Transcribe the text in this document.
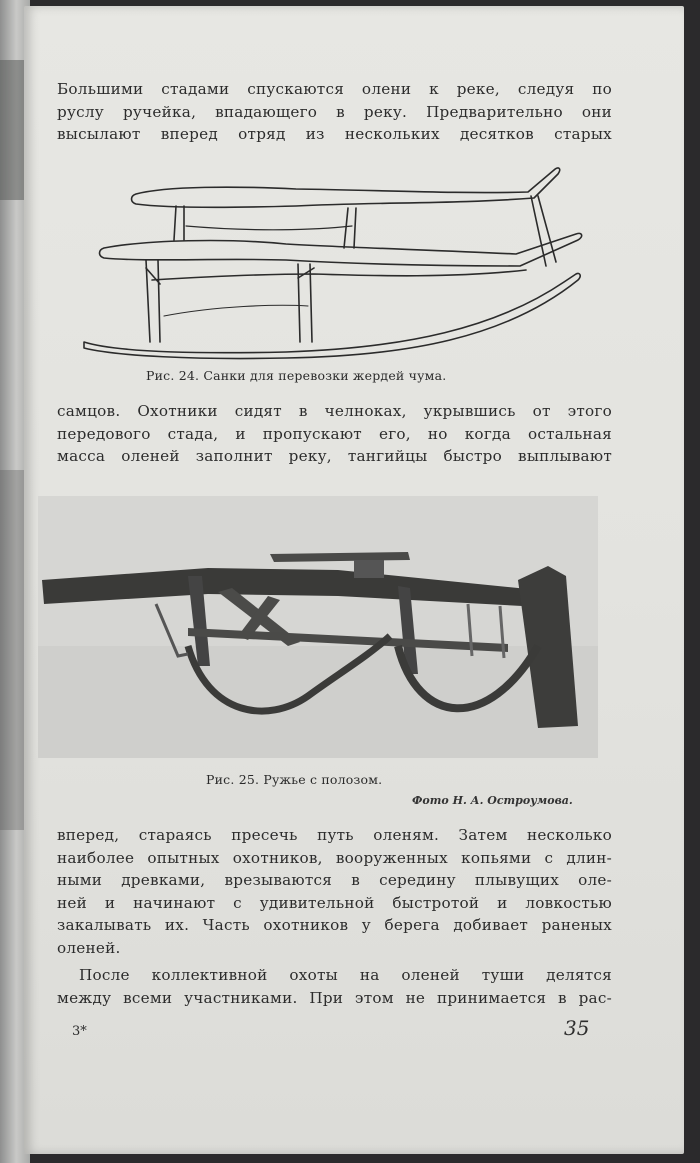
Большими стадами спускаются олени к реке, следуя по
руслу ручейка, впадающего в реку. Предварительно они
высылают вперед отряд из нескольких десятков старых

Рис. 24. Санки для перевозки жердей чума.

самцов. Охотники сидят в челноках, укрывшись от этого
передового стада, и пропускают его, но когда остальная
масса оленей заполнит реку, тангийцы быстро выплывают

Рис. 25. Ружье с полозом.

Фото Н. А. Остроумова.

вперед, стараясь пресечь путь оленям. Затем несколько
наиболее опытных охотников, вооруженных копьями с длин-
ными древками, врезываются в середину плывущих оле-
ней и начинают с удивительной быстротой и ловкостью
закалывать их. Часть охотников у берега добивает раненых
оленей.
После коллективной охоты на оленей туши делятся
между всеми участниками. При этом не принимается в рас-

3*	35
